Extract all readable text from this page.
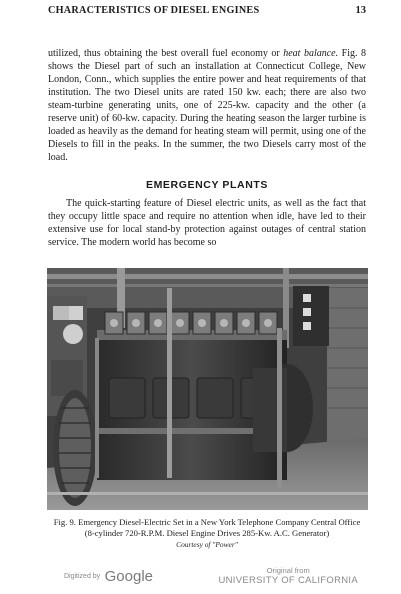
CHARACTERISTICS OF DIESEL ENGINES	13

utilized, thus obtaining the best overall fuel economy or heat balance. Fig. 8 shows the Diesel part of such an installation at Connecticut College, New London, Conn., which supplies the entire power and heat requirements of that institution. The two Diesel units are rated 150 kw. each; there are also two steam-turbine generating units, one of 225-kw. capacity and the other (a reserve unit) of 60-kw. capacity. During the heating season the larger turbine is loaded as heavily as the demand for heating steam will permit, using one of the Diesels to fill in the peaks. In the summer, the two Diesels carry most of the load.

EMERGENCY PLANTS

The quick-starting feature of Diesel electric units, as well as the fact that they occupy little space and require no attention when idle, have led to their extensive use for local stand-by protection against outages of central station service. The modern world has become so

Fig. 9. Emergency Diesel-Electric Set in a New York Telephone Company Central Office (8-cylinder 720-R.P.M. Diesel Engine Drives 285-Kw. A.C. Generator)
Courtesy of "Power"
Digitized by Google	Original from
UNIVERSITY OF CALIFORNIA
